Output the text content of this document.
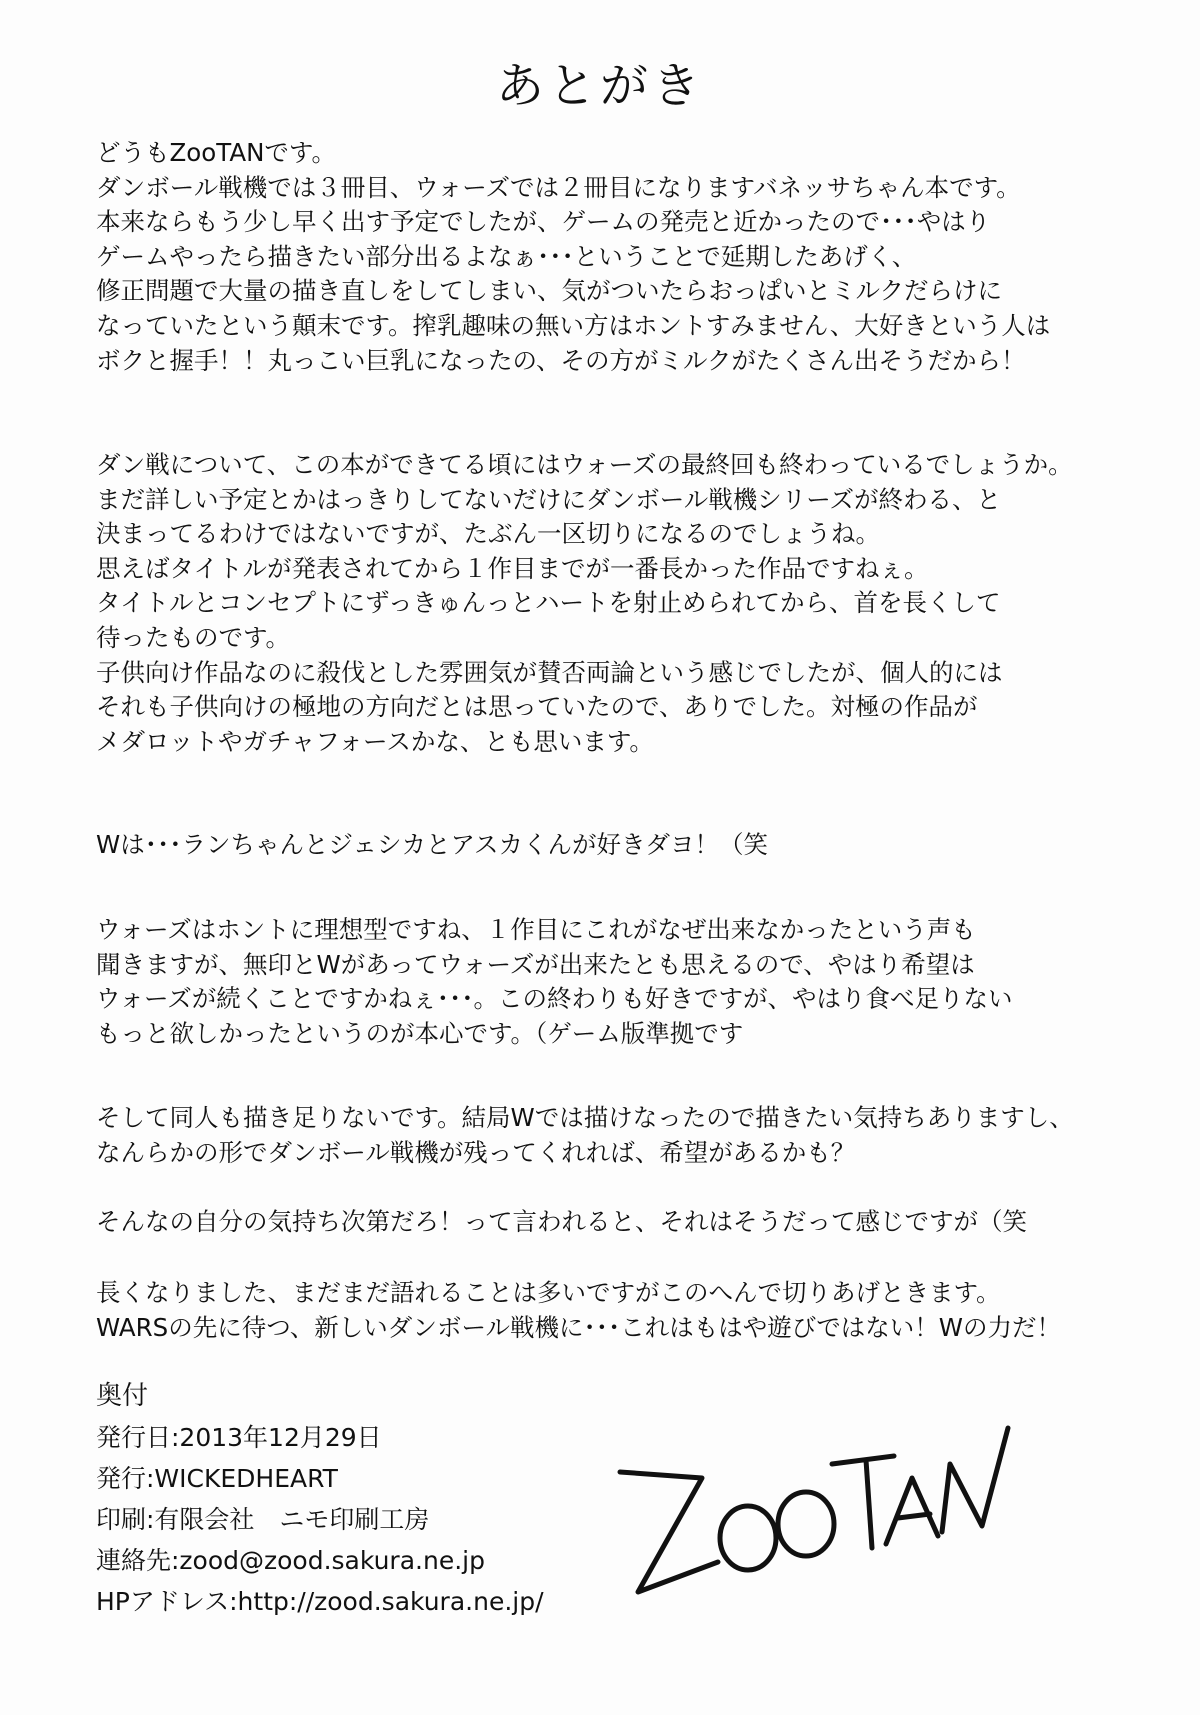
あとがき
どうもZooTANです。
ダンボール戦機では３冊目、ウォーズでは２冊目になりますバネッサちゃん本です。
本来ならもう少し早く出す予定でしたが、ゲームの発売と近かったので･･･やはり
ゲームやったら描きたい部分出るよなぁ･･･ということで延期したあげく、
修正問題で大量の描き直しをしてしまい、気がついたらおっぱいとミルクだらけに
なっていたという顛末です。搾乳趣味の無い方はホントすみません、大好きという人は
ボクと握手！！丸っこい巨乳になったの、その方がミルクがたくさん出そうだから！
ダン戦について、この本ができてる頃にはウォーズの最終回も終わっているでしょうか。
まだ詳しい予定とかはっきりしてないだけにダンボール戦機シリーズが終わる、と
決まってるわけではないですが、たぶん一区切りになるのでしょうね。
思えばタイトルが発表されてから１作目までが一番長かった作品ですねぇ。
タイトルとコンセプトにずっきゅんっとハートを射止められてから、首を長くして
待ったものです。
子供向け作品なのに殺伐とした雰囲気が賛否両論という感じでしたが、個人的には
それも子供向けの極地の方向だとは思っていたので、ありでした。対極の作品が
メダロットやガチャフォースかな、とも思います。
Wは･･･ランちゃんとジェシカとアスカくんが好きダヨ！（笑
ウォーズはホントに理想型ですね、１作目にこれがなぜ出来なかったという声も
聞きますが、無印とWがあってウォーズが出来たとも思えるので、やはり希望は
ウォーズが続くことですかねぇ･･･。この終わりも好きですが、やはり食べ足りない
もっと欲しかったというのが本心です。（ゲーム版準拠です
そして同人も描き足りないです。結局Wでは描けなったので描きたい気持ちありますし、
なんらかの形でダンボール戦機が残ってくれれば、希望があるかも？
そんなの自分の気持ち次第だろ！って言われると、それはそうだって感じですが（笑
長くなりました、まだまだ語れることは多いですがこのへんで切りあげときます。
WARSの先に待つ、新しいダンボール戦機に･･･これはもはや遊びではない！Wの力だ！
奥付
発行日:2013年12月29日
発行:WICKEDHEART
印刷:有限会社　ニモ印刷工房
連絡先:zood@zood.sakura.ne.jp
HPアドレス:http://zood.sakura.ne.jp/
